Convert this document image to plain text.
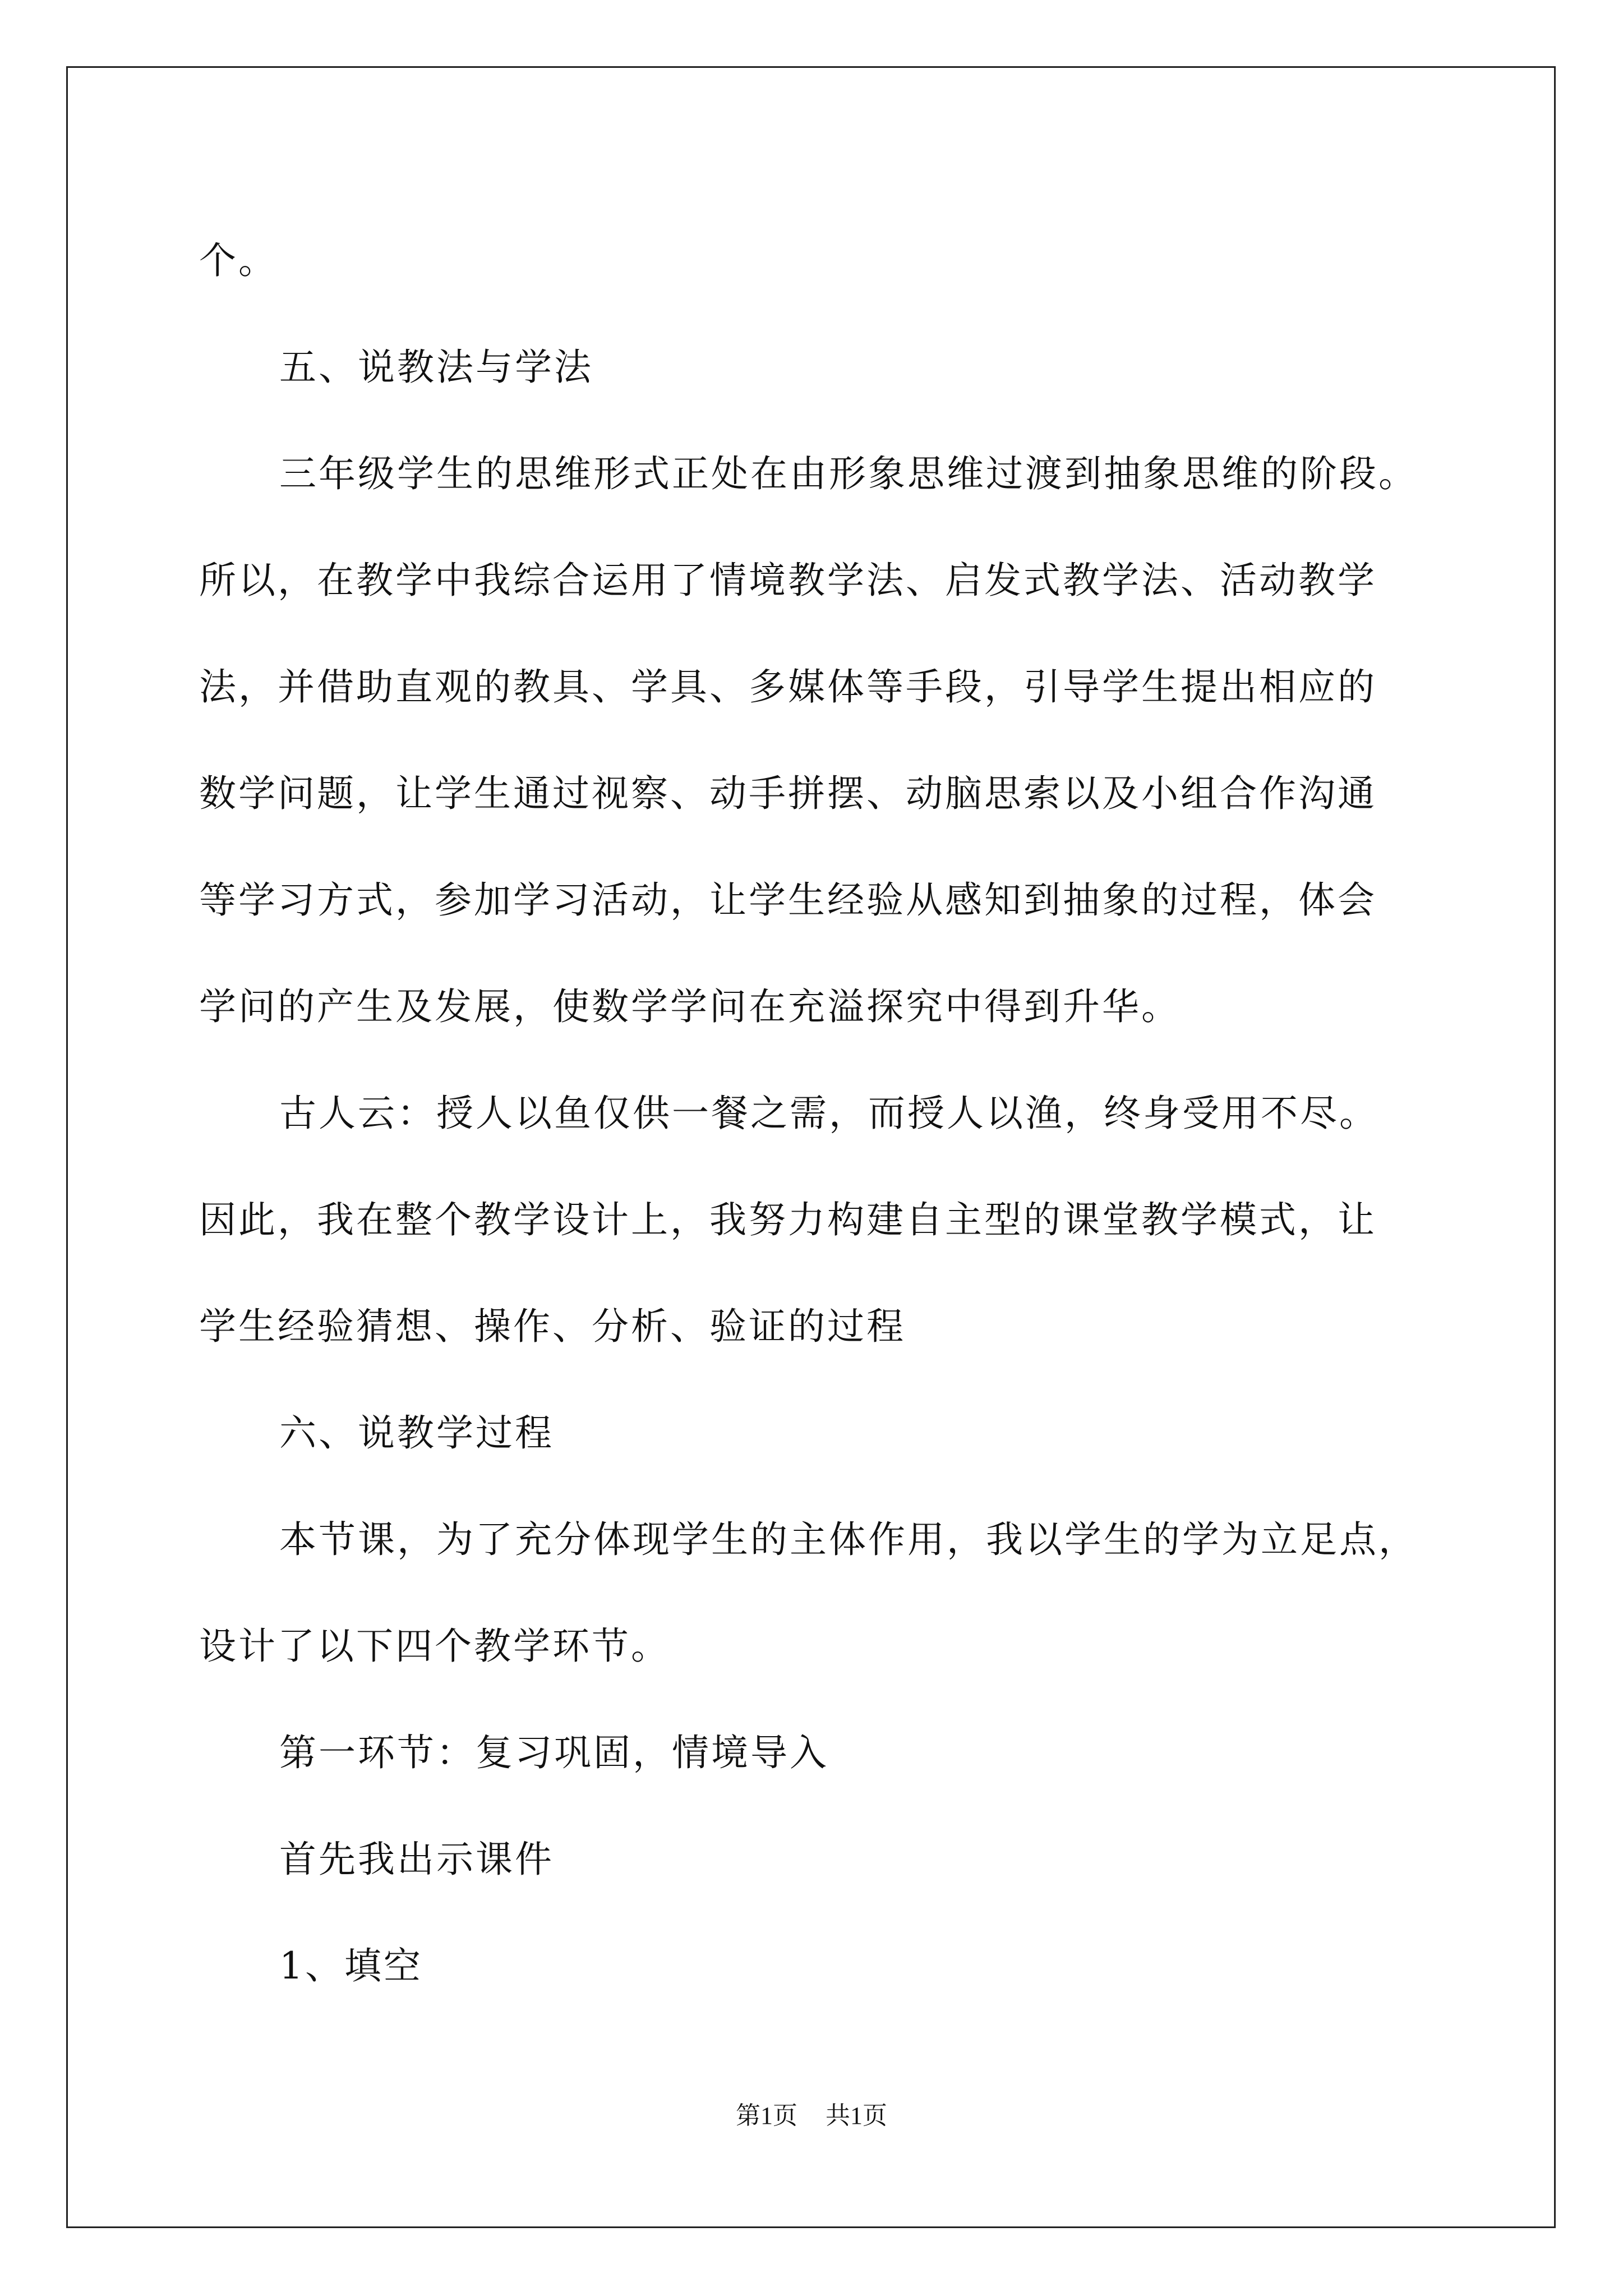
个。

五、说教法与学法

三年级学生的思维形式正处在由形象思维过渡到抽象思维的阶段。

所以，在教学中我综合运用了情境教学法、启发式教学法、活动教学

法，并借助直观的教具、学具、多媒体等手段，引导学生提出相应的

数学问题，让学生通过视察、动手拼摆、动脑思索以及小组合作沟通

等学习方式，参加学习活动，让学生经验从感知到抽象的过程，体会

学问的产生及发展，使数学学问在充溢探究中得到升华。

古人云：授人以鱼仅供一餐之需，而授人以渔，终身受用不尽。

因此，我在整个教学设计上，我努力构建自主型的课堂教学模式，让

学生经验猜想、操作、分析、验证的过程

六、说教学过程

本节课，为了充分体现学生的主体作用，我以学生的学为立足点，

设计了以下四个教学环节。

第一环节：复习巩固，情境导入

首先我出示课件

1、填空

第1页 共1页
